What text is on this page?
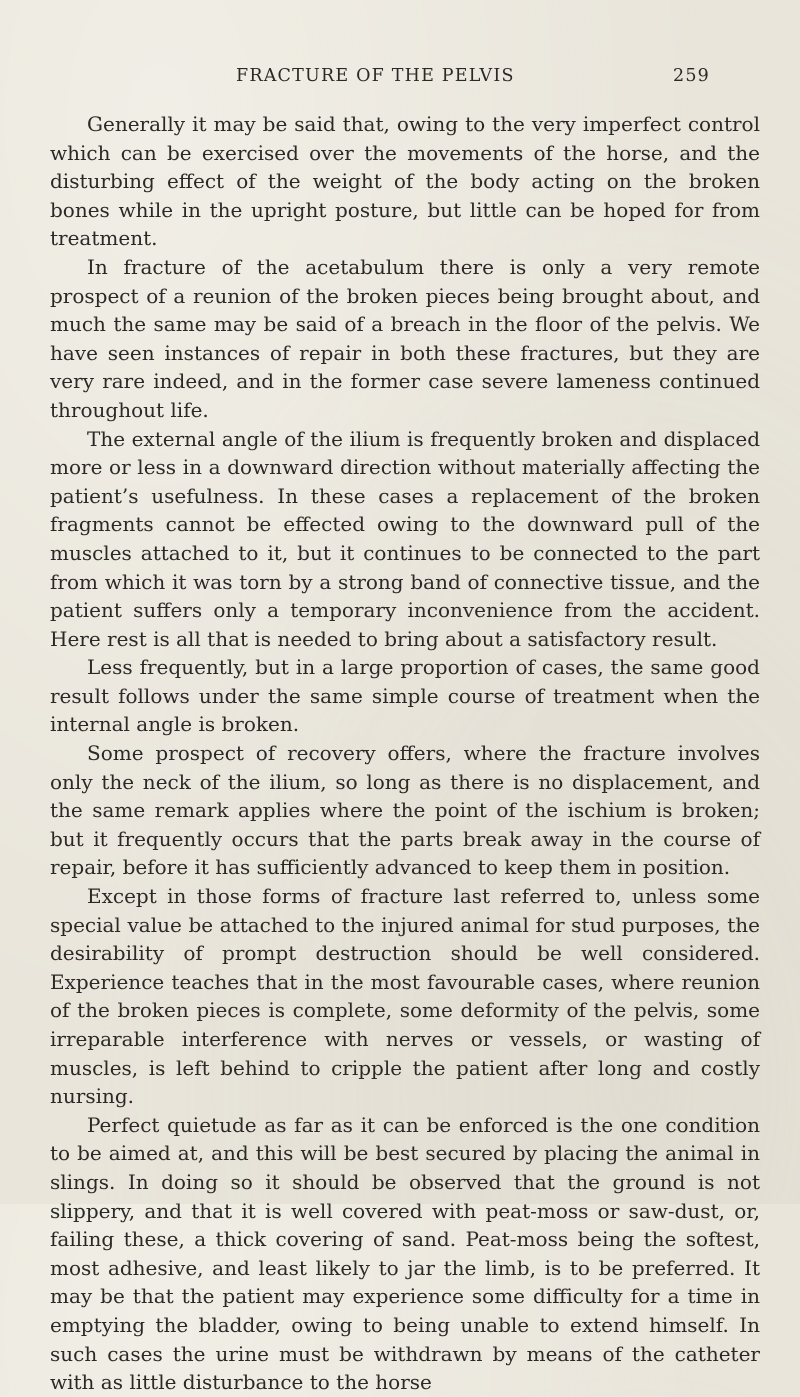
FRACTURE OF THE PELVIS	259

Generally it may be said that, owing to the very imperfect control which can be exercised over the movements of the horse, and the disturbing effect of the weight of the body acting on the broken bones while in the upright posture, but little can be hoped for from treatment.

In fracture of the acetabulum there is only a very remote prospect of a reunion of the broken pieces being brought about, and much the same may be said of a breach in the floor of the pelvis. We have seen instances of repair in both these fractures, but they are very rare indeed, and in the former case severe lameness continued throughout life.

The external angle of the ilium is frequently broken and displaced more or less in a downward direction without materially affecting the patient’s usefulness. In these cases a replacement of the broken fragments cannot be effected owing to the downward pull of the muscles attached to it, but it continues to be connected to the part from which it was torn by a strong band of connective tissue, and the patient suffers only a temporary inconvenience from the accident. Here rest is all that is needed to bring about a satisfactory result.

Less frequently, but in a large proportion of cases, the same good result follows under the same simple course of treatment when the internal angle is broken.

Some prospect of recovery offers, where the fracture involves only the neck of the ilium, so long as there is no displacement, and the same remark applies where the point of the ischium is broken; but it frequently occurs that the parts break away in the course of repair, before it has sufficiently advanced to keep them in position.

Except in those forms of fracture last referred to, unless some special value be attached to the injured animal for stud purposes, the desirability of prompt destruction should be well considered. Experience teaches that in the most favourable cases, where reunion of the broken pieces is complete, some deformity of the pelvis, some irreparable interference with nerves or vessels, or wasting of muscles, is left behind to cripple the patient after long and costly nursing.

Perfect quietude as far as it can be enforced is the one condition to be aimed at, and this will be best secured by placing the animal in slings. In doing so it should be observed that the ground is not slippery, and that it is well covered with peat-moss or saw-dust, or, failing these, a thick covering of sand. Peat-moss being the softest, most adhesive, and least likely to jar the limb, is to be preferred. It may be that the patient may experience some difficulty for a time in emptying the bladder, owing to being unable to extend himself. In such cases the urine must be withdrawn by means of the catheter with as little disturbance to the horse
